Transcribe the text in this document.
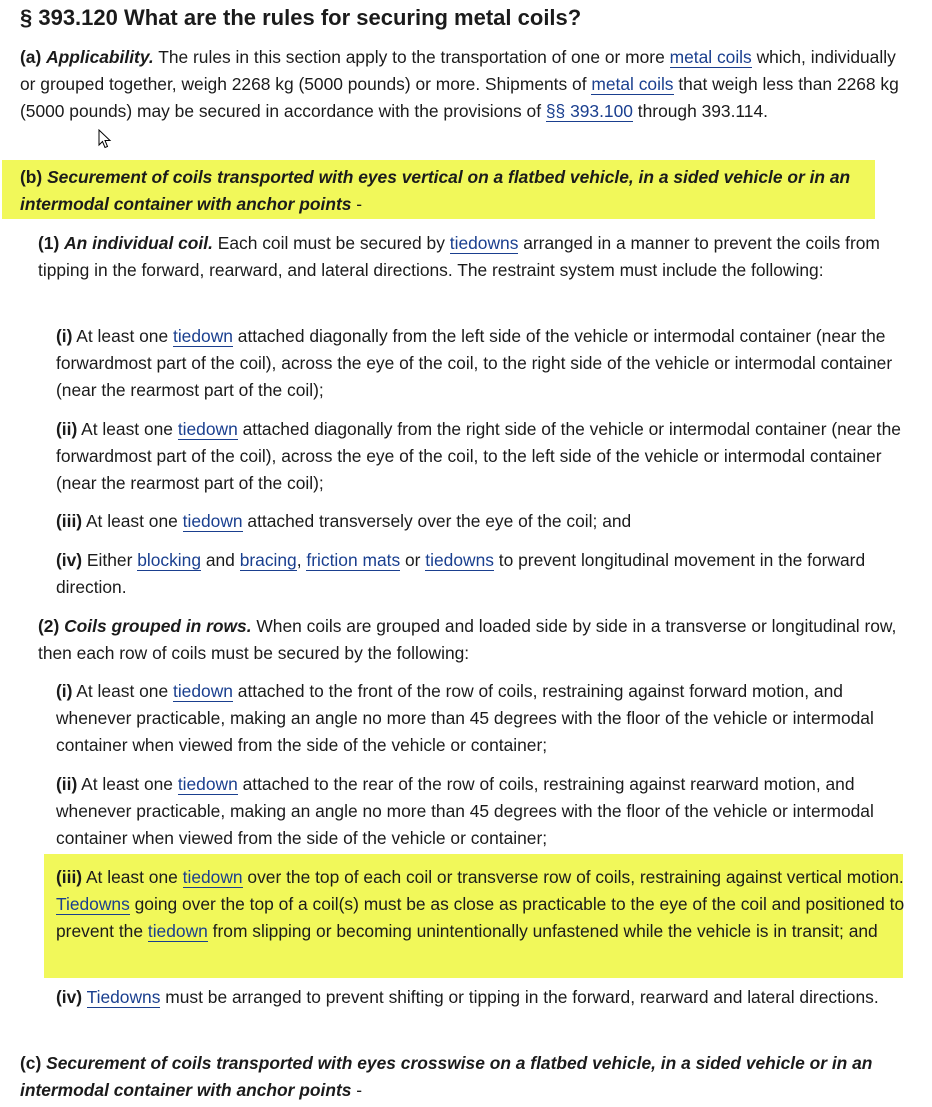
§ 393.120 What are the rules for securing metal coils?

(a) Applicability. The rules in this section apply to the transportation of one or more metal coils which, individually or grouped together, weigh 2268 kg (5000 pounds) or more. Shipments of metal coils that weigh less than 2268 kg (5000 pounds) may be secured in accordance with the provisions of §§ 393.100 through 393.114.

(b) Securement of coils transported with eyes vertical on a flatbed vehicle, in a sided vehicle or in an intermodal container with anchor points -

(1) An individual coil. Each coil must be secured by tiedowns arranged in a manner to prevent the coils from tipping in the forward, rearward, and lateral directions. The restraint system must include the following:

(i) At least one tiedown attached diagonally from the left side of the vehicle or intermodal container (near the forwardmost part of the coil), across the eye of the coil, to the right side of the vehicle or intermodal container (near the rearmost part of the coil);

(ii) At least one tiedown attached diagonally from the right side of the vehicle or intermodal container (near the forwardmost part of the coil), across the eye of the coil, to the left side of the vehicle or intermodal container (near the rearmost part of the coil);

(iii) At least one tiedown attached transversely over the eye of the coil; and

(iv) Either blocking and bracing, friction mats or tiedowns to prevent longitudinal movement in the forward direction.

(2) Coils grouped in rows. When coils are grouped and loaded side by side in a transverse or longitudinal row, then each row of coils must be secured by the following:

(i) At least one tiedown attached to the front of the row of coils, restraining against forward motion, and whenever practicable, making an angle no more than 45 degrees with the floor of the vehicle or intermodal container when viewed from the side of the vehicle or container;

(ii) At least one tiedown attached to the rear of the row of coils, restraining against rearward motion, and whenever practicable, making an angle no more than 45 degrees with the floor of the vehicle or intermodal container when viewed from the side of the vehicle or container;

(iii) At least one tiedown over the top of each coil or transverse row of coils, restraining against vertical motion. Tiedowns going over the top of a coil(s) must be as close as practicable to the eye of the coil and positioned to prevent the tiedown from slipping or becoming unintentionally unfastened while the vehicle is in transit; and

(iv) Tiedowns must be arranged to prevent shifting or tipping in the forward, rearward and lateral directions.

(c) Securement of coils transported with eyes crosswise on a flatbed vehicle, in a sided vehicle or in an intermodal container with anchor points -
